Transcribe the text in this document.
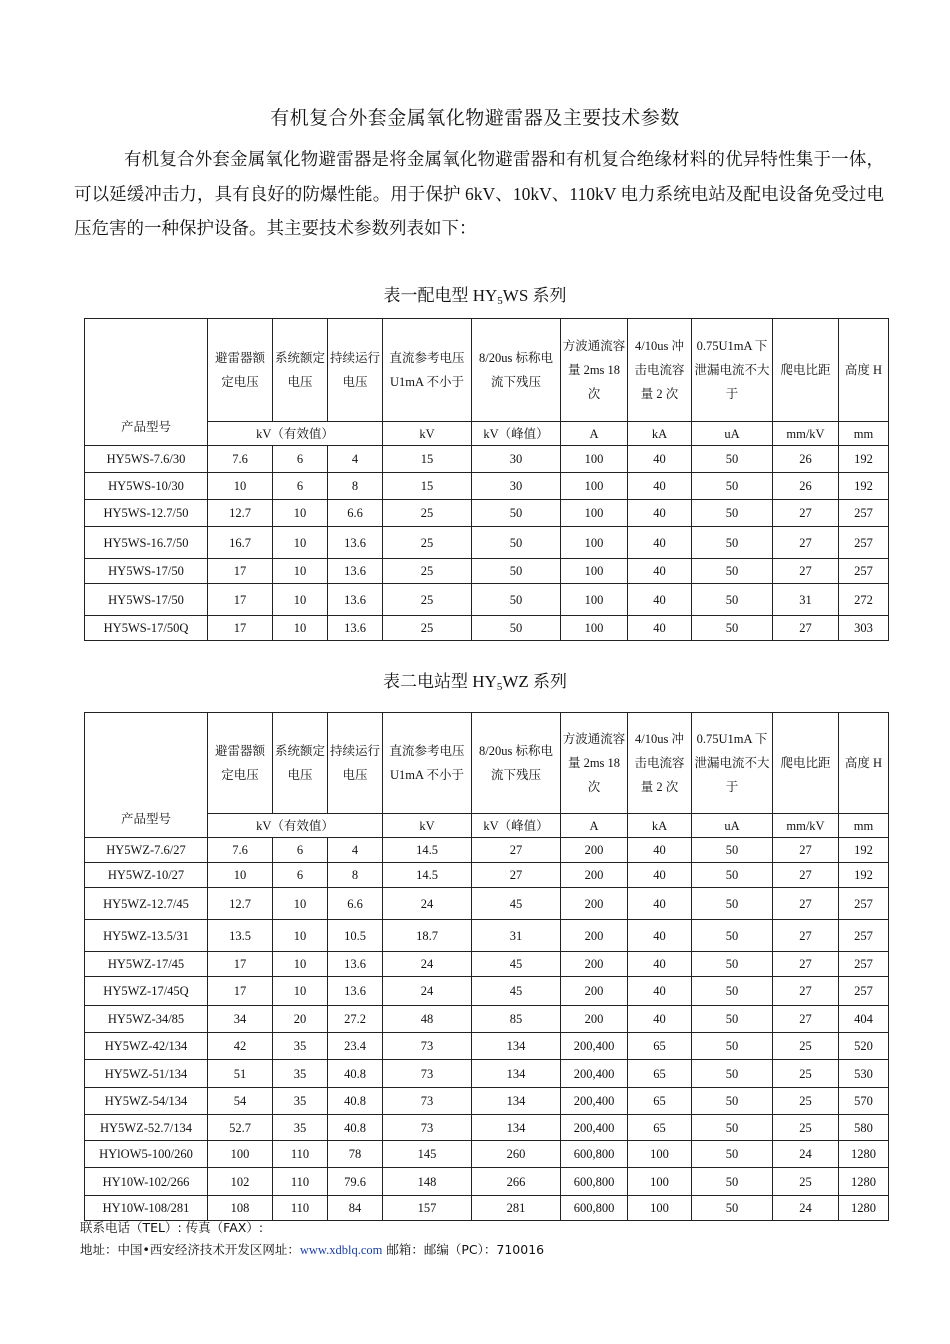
有机复合外套金属氧化物避雷器及主要技术参数
有机复合外套金属氧化物避雷器是将金属氧化物避雷器和有机复合绝缘材料的优异特性集于一体，可以延缓冲击力，具有良好的防爆性能。用于保护 6kV、10kV、110kV 电力系统电站及配电设备免受过电压危害的一种保护设备。其主要技术参数列表如下：
表一配电型 $HY_5WS$ 系列
产品型号	避雷器额定电压	系统额定电压	持续运行电压	直流参考电压 U1mA 不小于	8/20us 标称电流下残压	方波通流容量 2ms 18 次	4/10us 冲击电流容量 2 次	0.75U1mA 下泄漏电流不大于	爬电比距	高度 H
	kV（有效值）			kV	kV（峰值）	A	kA	uA	mm/kV	mm
HY5WS-7.6/30	7.6	6	4	15	30	100	40	50	26	192
HY5WS-10/30	10	6	8	15	30	100	40	50	26	192
HY5WS-12.7/50	12.7	10	6.6	25	50	100	40	50	27	257
HY5WS-16.7/50	16.7	10	13.6	25	50	100	40	50	27	257
HY5WS-17/50	17	10	13.6	25	50	100	40	50	27	257
HY5WS-17/50	17	10	13.6	25	50	100	40	50	31	272
HY5WS-17/50Q	17	10	13.6	25	50	100	40	50	27	303
表二电站型 $HY_5WZ$ 系列
产品型号	避雷器额定电压	系统额定电压	持续运行电压	直流参考电压 U1mA 不小于	8/20us 标称电流下残压	方波通流容量 2ms 18 次	4/10us 冲击电流容量 2 次	0.75U1mA 下泄漏电流不大于	爬电比距	高度 H
	kV（有效值）			kV	kV（峰值）	A	kA	uA	mm/kV	mm
HY5WZ-7.6/27	7.6	6	4	14.5	27	200	40	50	27	192
HY5WZ-10/27	10	6	8	14.5	27	200	40	50	27	192
HY5WZ-12.7/45	12.7	10	6.6	24	45	200	40	50	27	257
HY5WZ-13.5/31	13.5	10	10.5	18.7	31	200	40	50	27	257
HY5WZ-17/45	17	10	13.6	24	45	200	40	50	27	257
HY5WZ-17/45Q	17	10	13.6	24	45	200	40	50	27	257
HY5WZ-34/85	34	20	27.2	48	85	200	40	50	27	404
HY5WZ-42/134	42	35	23.4	73	134	200,400	65	50	25	520
HY5WZ-51/134	51	35	40.8	73	134	200,400	65	50	25	530
HY5WZ-54/134	54	35	40.8	73	134	200,400	65	50	25	570
HY5WZ-52.7/134	52.7	35	40.8	73	134	200,400	65	50	25	580
HYlOW5-100/260	100	110	78	145	260	600,800	100	50	24	1280
HY10W-102/266	102	110	79.6	148	266	600,800	100	50	25	1280
HY10W-108/281	108	110	84	157	281	600,800	100	50	24	1280
联系电话（TEL）: 传真（FAX）:
地址：中国•西安经济技术开发区网址：www.xdblq.com 邮箱：邮编（PC）：710016
